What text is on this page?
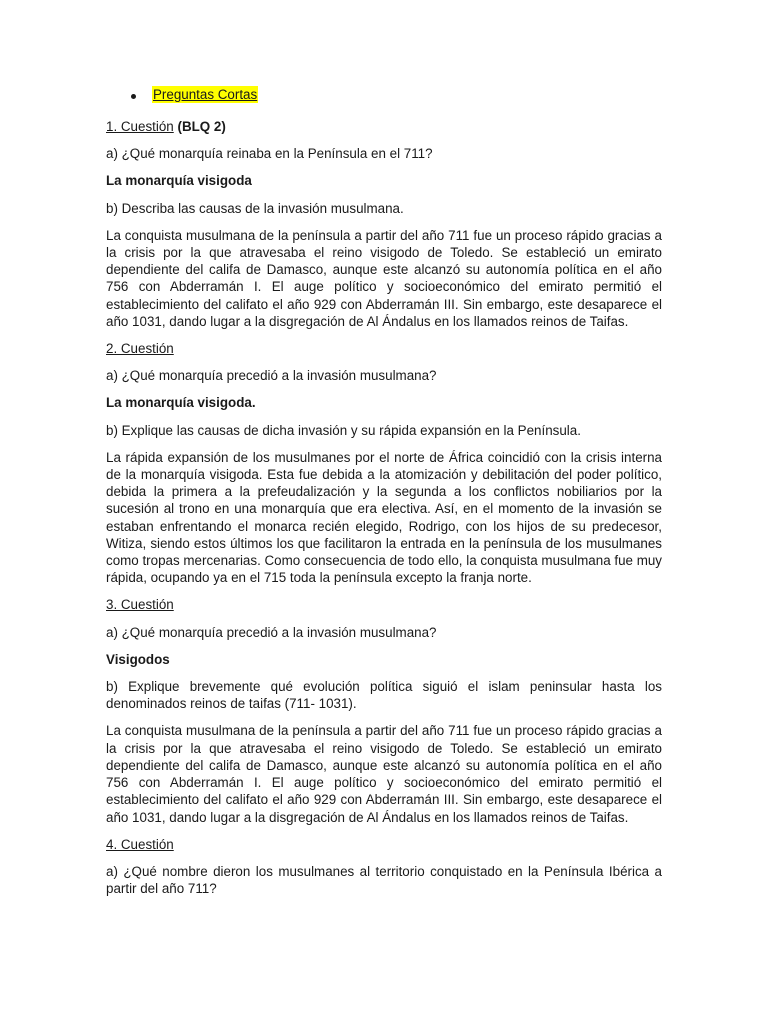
Preguntas Cortas

1. Cuestión (BLQ 2)

a) ¿Qué monarquía reinaba en la Península en el 711?

La monarquía visigoda

b) Describa las causas de la invasión musulmana.

La conquista musulmana de la península a partir del año 711 fue un proceso rápido gracias a la crisis por la que atravesaba el reino visigodo de Toledo. Se estableció un emirato dependiente del califa de Damasco, aunque este alcanzó su autonomía política en el año 756 con Abderramán I. El auge político y socioeconómico del emirato permitió el establecimiento del califato el año 929 con Abderramán III. Sin embargo, este desaparece el año 1031, dando lugar a la disgregación de Al Ándalus en los llamados reinos de Taifas.

2. Cuestión

a) ¿Qué monarquía precedió a la invasión musulmana?

La monarquía visigoda.

b) Explique las causas de dicha invasión y su rápida expansión en la Península.

La rápida expansión de los musulmanes por el norte de África coincidió con la crisis interna de la monarquía visigoda. Esta fue debida a la atomización y debilitación del poder político, debida la primera a la prefeudalización y la segunda a los conflictos nobiliarios por la sucesión al trono en una monarquía que era electiva. Así, en el momento de la invasión se estaban enfrentando el monarca recién elegido, Rodrigo, con los hijos de su predecesor, Witiza, siendo estos últimos los que facilitaron la entrada en la península de los musulmanes como tropas mercenarias. Como consecuencia de todo ello, la conquista musulmana fue muy rápida, ocupando ya en el 715 toda la península excepto la franja norte.

3. Cuestión

a) ¿Qué monarquía precedió a la invasión musulmana?

Visigodos

b) Explique brevemente qué evolución política siguió el islam peninsular hasta los denominados reinos de taifas (711- 1031).

La conquista musulmana de la península a partir del año 711 fue un proceso rápido gracias a la crisis por la que atravesaba el reino visigodo de Toledo. Se estableció un emirato dependiente del califa de Damasco, aunque este alcanzó su autonomía política en el año 756 con Abderramán I. El auge político y socioeconómico del emirato permitió el establecimiento del califato el año 929 con Abderramán III. Sin embargo, este desaparece el año 1031, dando lugar a la disgregación de Al Ándalus en los llamados reinos de Taifas.

4. Cuestión

a) ¿Qué nombre dieron los musulmanes al territorio conquistado en la Península Ibérica a partir del año 711?
